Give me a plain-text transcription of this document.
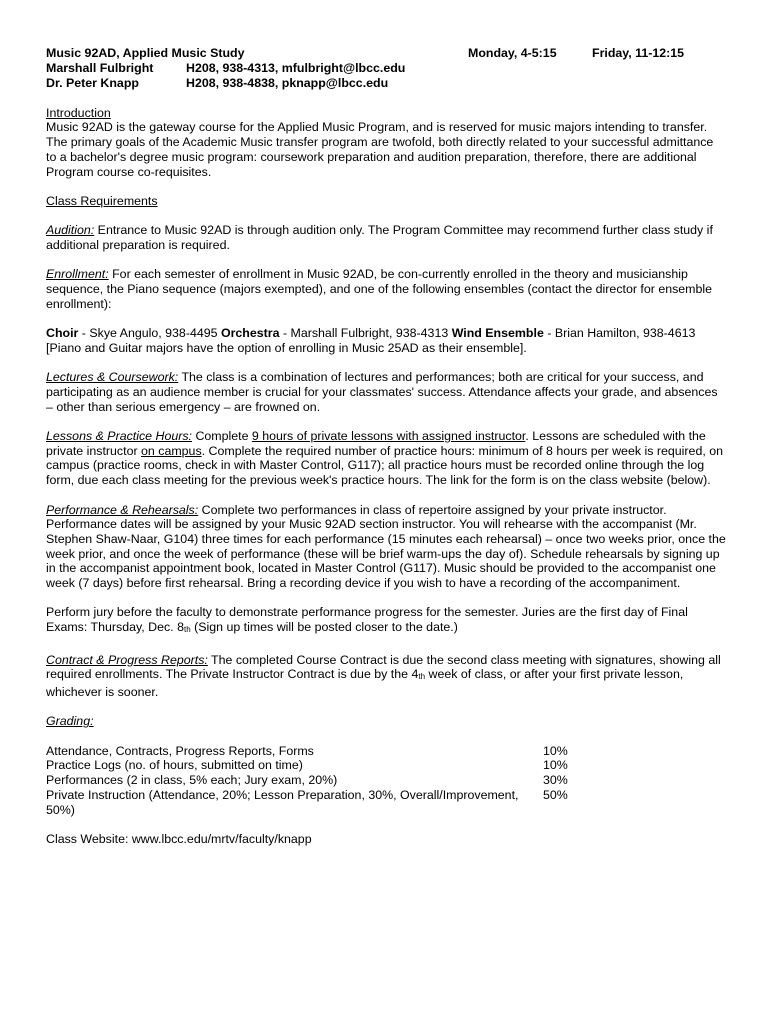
Music 92AD, Applied Music Study	Monday, 4-5:15	Friday, 11-12:15
Marshall Fulbright	H208, 938-4313, mfulbright@lbcc.edu
Dr. Peter Knapp	H208, 938-4838, pknapp@lbcc.edu

Introduction

Music 92AD is the gateway course for the Applied Music Program, and is reserved for music majors intending to transfer. The primary goals of the Academic Music transfer program are twofold, both directly related to your successful admittance to a bachelor's degree music program: coursework preparation and audition preparation, therefore, there are additional Program course co-requisites.

Class Requirements

Audition: Entrance to Music 92AD is through audition only. The Program Committee may recommend further class study if additional preparation is required.

Enrollment: For each semester of enrollment in Music 92AD, be con-currently enrolled in the theory and musicianship sequence, the Piano sequence (majors exempted), and one of the following ensembles (contact the director for ensemble enrollment):

Choir - Skye Angulo, 938-4495 Orchestra - Marshall Fulbright, 938-4313 Wind Ensemble - Brian Hamilton, 938-4613 [Piano and Guitar majors have the option of enrolling in Music 25AD as their ensemble].

Lectures & Coursework: The class is a combination of lectures and performances; both are critical for your success, and participating as an audience member is crucial for your classmates' success. Attendance affects your grade, and absences – other than serious emergency – are frowned on.

Lessons & Practice Hours: Complete 9 hours of private lessons with assigned instructor. Lessons are scheduled with the private instructor on campus. Complete the required number of practice hours: minimum of 8 hours per week is required, on campus (practice rooms, check in with Master Control, G117); all practice hours must be recorded online through the log form, due each class meeting for the previous week's practice hours. The link for the form is on the class website (below).

Performance & Rehearsals: Complete two performances in class of repertoire assigned by your private instructor. Performance dates will be assigned by your Music 92AD section instructor. You will rehearse with the accompanist (Mr. Stephen Shaw-Naar, G104) three times for each performance (15 minutes each rehearsal) – once two weeks prior, once the week prior, and once the week of performance (these will be brief warm-ups the day of). Schedule rehearsals by signing up in the accompanist appointment book, located in Master Control (G117). Music should be provided to the accompanist one week (7 days) before first rehearsal. Bring a recording device if you wish to have a recording of the accompaniment.

Perform jury before the faculty to demonstrate performance progress for the semester. Juries are the first day of Final Exams: Thursday, Dec. $8_{th}$ (Sign up times will be posted closer to the date.)

Contract & Progress Reports: The completed Course Contract is due the second class meeting with signatures, showing all required enrollments. The Private Instructor Contract is due by the $4_{th}$ week of class, or after your first private lesson, whichever is sooner.

Grading:

Attendance, Contracts, Progress Reports, Forms	10%
Practice Logs (no. of hours, submitted on time)	10%
Performances (2 in class, 5% each; Jury exam, 20%)	30%
Private Instruction (Attendance, 20%; Lesson Preparation, 30%, Overall/Improvement, 50%)	50%

Class Website: www.lbcc.edu/mrtv/faculty/knapp
